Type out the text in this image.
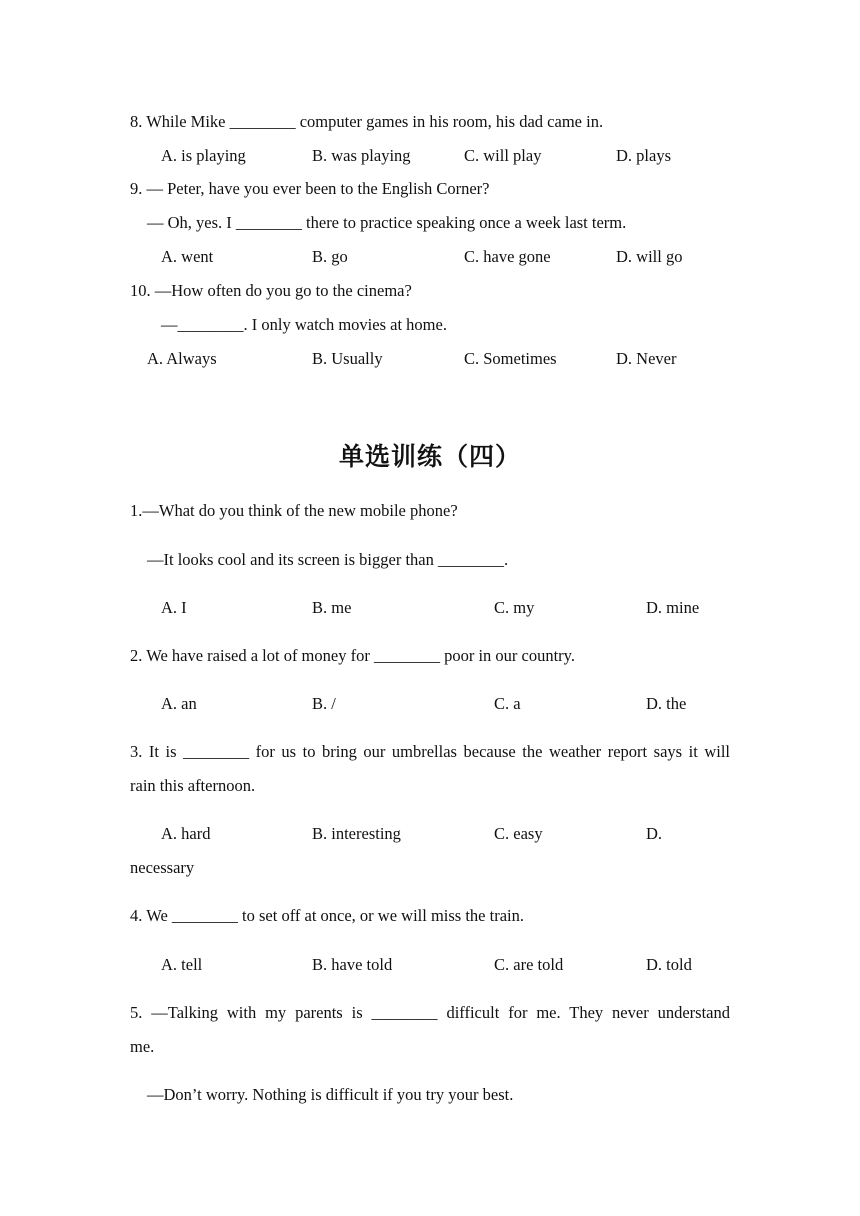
8. While Mike ________ computer games in his room, his dad came in.
A. is playing	B. was playing	C. will play	D. plays
9. — Peter, have you ever been to the English Corner?
— Oh, yes. I ________ there to practice speaking once a week last term.
A. went	B. go	C. have gone	D. will go
10. —How often do you go to the cinema?
—________. I only watch movies at home.
A. Always	B. Usually	C. Sometimes	D. Never
单选训练（四）
1.—What do you think of the new mobile phone?
—It looks cool and its screen is bigger than ________.
A. I	B. me	C. my	D. mine
2. We have raised a lot of money for ________ poor in our country.
A. an	B. /	C. a	D. the
3. It is ________ for us to bring our umbrellas because the weather report says it will
rain this afternoon.
A. hard	B. interesting	C. easy	D.
necessary
4. We ________ to set off at once, or we will miss the train.
A. tell	B. have told	C. are told	D. told
5. —Talking with my parents is ________ difficult for me. They never understand
me.
—Don’t worry. Nothing is difficult if you try your best.
